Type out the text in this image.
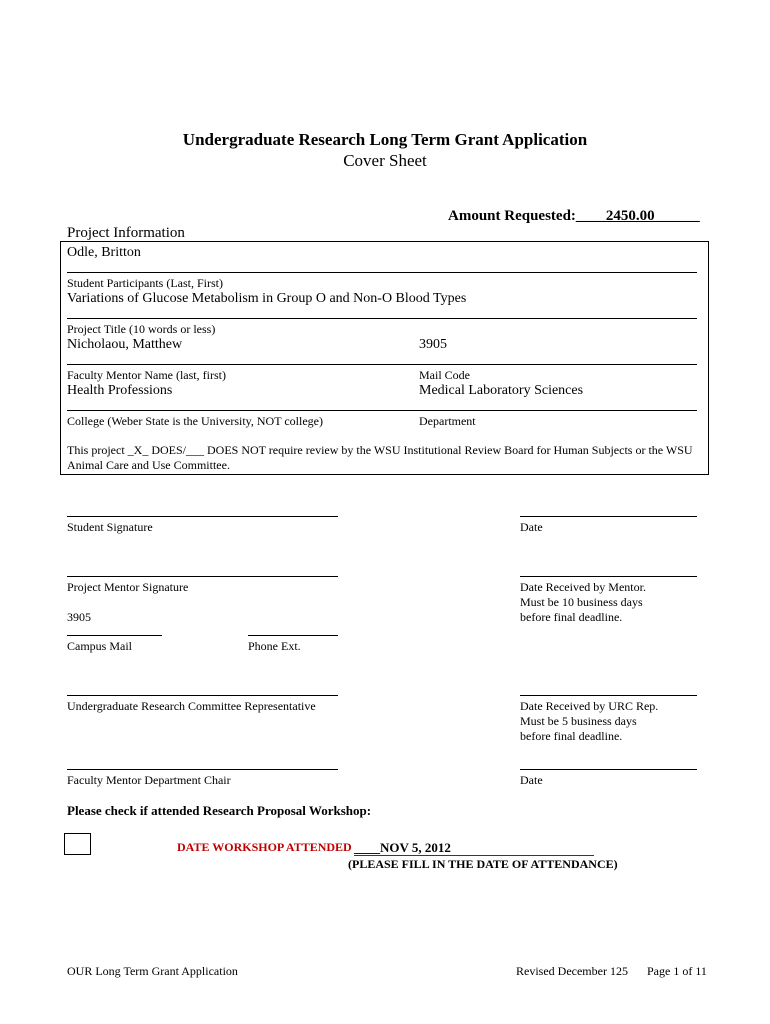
Undergraduate Research Long Term Grant Application
Cover Sheet
Amount Requested:____2450.00______
Project Information
Odle, Britton
Student Participants (Last, First)
Variations of Glucose Metabolism in Group O and Non-O Blood Types
Project Title (10 words or less)
Nicholaou, Matthew	3905
Faculty Mentor Name (last, first)	Mail Code
Health Professions	Medical Laboratory Sciences
College (Weber State is the University, NOT college)	Department
This project _X_ DOES/___ DOES NOT require review by the WSU Institutional Review Board for Human Subjects or the WSU Animal Care and Use Committee.
Student Signature	Date
Project Mentor Signature	Date Received by Mentor.
Must be 10 business days
before final deadline.
3905
Campus Mail	Phone Ext.
Undergraduate Research Committee Representative	Date Received by URC Rep.
Must be 5 business days
before final deadline.
Faculty Mentor Department Chair	Date
Please check if attended Research Proposal Workshop:
DATE WORKSHOP ATTENDED ____NOV 5, 2012
(PLEASE FILL IN THE DATE OF ATTENDANCE)
OUR Long Term Grant Application	Revised December 125 Page 1 of 11
